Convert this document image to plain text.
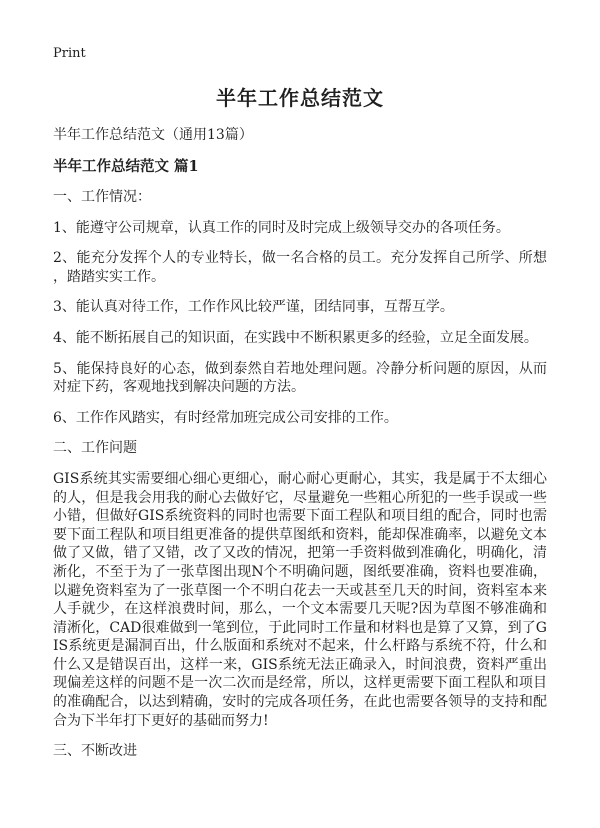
Print
半年工作总结范文

半年工作总结范文（通用13篇）

半年工作总结范文 篇1

一、工作情况：

1、能遵守公司规章，认真工作的同时及时完成上级领导交办的各项任务。

2、能充分发挥个人的专业特长，做一名合格的员工。充分发挥自己所学、所想，踏踏实实工作。

3、能认真对待工作，工作作风比较严谨，团结同事，互帮互学。

4、能不断拓展自己的知识面，在实践中不断积累更多的经验，立足全面发展。

5、能保持良好的心态，做到泰然自若地处理问题。冷静分析问题的原因，从而对症下药，客观地找到解决问题的方法。

6、工作作风踏实，有时经常加班完成公司安排的工作。

二、工作问题

GIS系统其实需要细心细心更细心，耐心耐心更耐心，其实，我是属于不太细心的人，但是我会用我的耐心去做好它，尽量避免一些粗心所犯的一些手误或一些小错，但做好GIS系统资料的同时也需要下面工程队和项目组的配合，同时也需要下面工程队和项目组更准备的提供草图纸和资料，能却保准确率，以避免文本做了又做，错了又错，改了又改的情况，把第一手资料做到准确化，明确化，清淅化，不至于为了一张草图出现N个不明确问题，图纸要准确，资料也要准确，以避免资料室为了一张草图一个不明白花去一天或甚至几天的时间，资料室本来人手就少，在这样浪费时间，那么，一个文本需要几天呢?因为草图不够准确和清淅化，CAD很难做到一笔到位，于此同时工作量和材料也是算了又算，到了GIS系统更是漏洞百出，什么版面和系统对不起来，什么杆路与系统不符，什么和什么又是错误百出，这样一来，GIS系统无法正确录入，时间浪费，资料严重出现偏差这样的问题不是一次二次而是经常，所以，这样更需要下面工程队和项目的准确配合，以达到精确，安时的完成各项任务，在此也需要各领导的支持和配合为下半年打下更好的基础而努力!

三、不断改进
